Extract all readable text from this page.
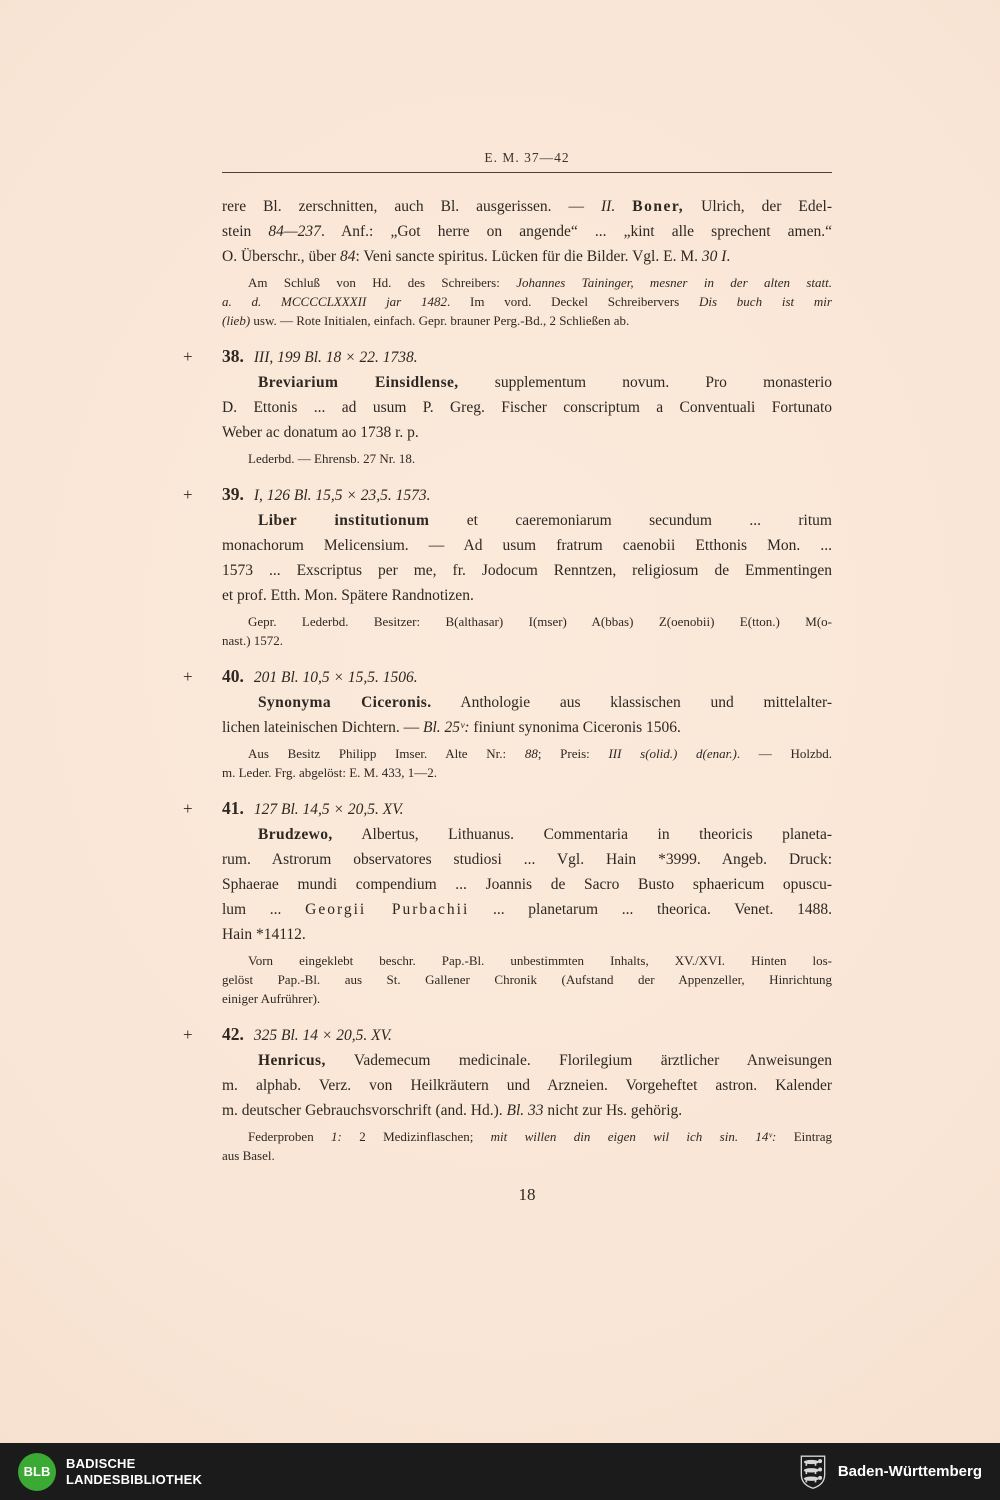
E. M. 37—42
rere Bl. zerschnitten, auch Bl. ausgerissen. — II. Boner, Ulrich, der Edel-
stein 84—237. Anf.: „Got herre on angende“ ... „kint alle sprechent amen.“
O. Überschr., über 84: Veni sancte spiritus. Lücken für die Bilder. Vgl. E. M. 30 I.
Am Schluß von Hd. des Schreibers: Johannes Taininger, mesner in der alten statt.
a. d. MCCCCLXXXII jar 1482. Im vord. Deckel Schreibervers Dis buch ist mir
(lieb) usw. — Rote Initialen, einfach. Gepr. brauner Perg.-Bd., 2 Schließen ab.
+ 38. III, 199 Bl. 18 × 22. 1738.
Breviarium Einsidlense, supplementum novum. Pro monasterio
D. Ettonis ... ad usum P. Greg. Fischer conscriptum a Conventuali Fortunato
Weber ac donatum ao 1738 r. p.
Lederbd. — Ehrensb. 27 Nr. 18.
+ 39. I, 126 Bl. 15,5 × 23,5. 1573.
Liber institutionum et caeremoniarum secundum ... ritum
monachorum Melicensium. — Ad usum fratrum caenobii Etthonis Mon. ...
1573 ... Exscriptus per me, fr. Jodocum Renntzen, religiosum de Emmentingen
et prof. Etth. Mon. Spätere Randnotizen.
Gepr. Lederbd. Besitzer: B(althasar) I(mser) A(bbas) Z(oenobii) E(tton.) M(o-
nast.) 1572.
+ 40. 201 Bl. 10,5 × 15,5. 1506.
Synonyma Ciceronis. Anthologie aus klassischen und mittelalter-
lichen lateinischen Dichtern. — Bl. 25ᵛ: finiunt synonima Ciceronis 1506.
Aus Besitz Philipp Imser. Alte Nr.: 88; Preis: III s(olid.) d(enar.). — Holzbd.
m. Leder. Frg. abgelöst: E. M. 433, 1—2.
+ 41. 127 Bl. 14,5 × 20,5. XV.
Brudzewo, Albertus, Lithuanus. Commentaria in theoricis planeta-
rum. Astrorum observatores studiosi ... Vgl. Hain *3999. Angeb. Druck:
Sphaerae mundi compendium ... Joannis de Sacro Busto sphaericum opuscu-
lum ... Georgii Purbachii ... planetarum ... theorica. Venet. 1488.
Hain *14112.
Vorn eingeklebt beschr. Pap.-Bl. unbestimmten Inhalts, XV./XVI. Hinten los-
gelöst Pap.-Bl. aus St. Gallener Chronik (Aufstand der Appenzeller, Hinrichtung
einiger Aufrührer).
+ 42. 325 Bl. 14 × 20,5. XV.
Henricus, Vademecum medicinale. Florilegium ärztlicher Anweisungen
m. alphab. Verz. von Heilkräutern und Arzneien. Vorgeheftet astron. Kalender
m. deutscher Gebrauchsvorschrift (and. Hd.). Bl. 33 nicht zur Hs. gehörig.
Federproben 1: 2 Medizinflaschen; mit willen din eigen wil ich sin. 14ᵛ: Eintrag
aus Basel.
18
BLB
BADISCHE
LANDESBIBLIOTHEK	Baden-Württemberg
